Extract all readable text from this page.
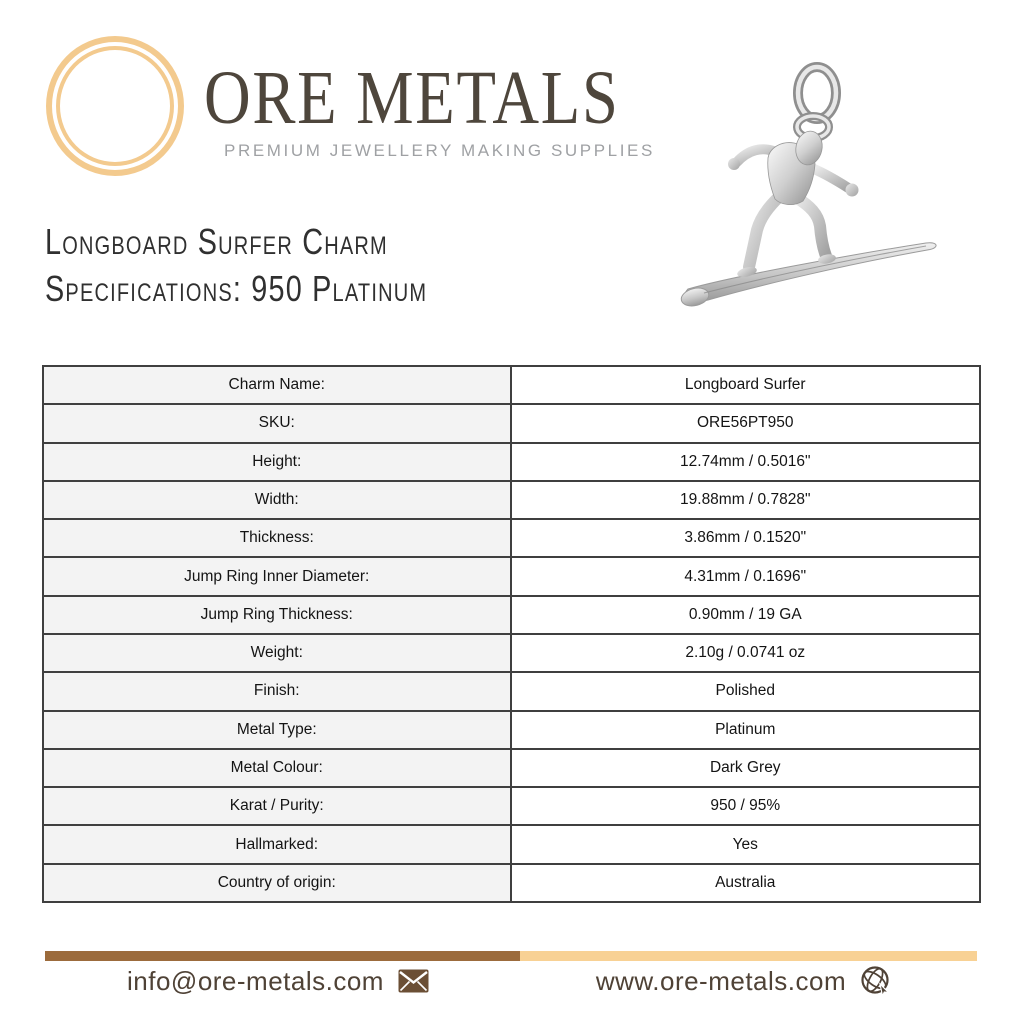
ORE METALS
PREMIUM JEWELLERY MAKING SUPPLIES
Longboard Surfer Charm
Specifications: 950 Platinum
Charm Name:	Longboard Surfer
SKU:	ORE56PT950
Height:	12.74mm / 0.5016"
Width:	19.88mm / 0.7828"
Thickness:	3.86mm / 0.1520"
Jump Ring Inner Diameter:	4.31mm / 0.1696"
Jump Ring Thickness:	0.90mm / 19 GA
Weight:	2.10g / 0.0741 oz
Finish:	Polished
Metal Type:	Platinum
Metal Colour:	Dark Grey
Karat / Purity:	950 / 95%
Hallmarked:	Yes
Country of origin:	Australia
info@ore-metals.com	www.ore-metals.com
